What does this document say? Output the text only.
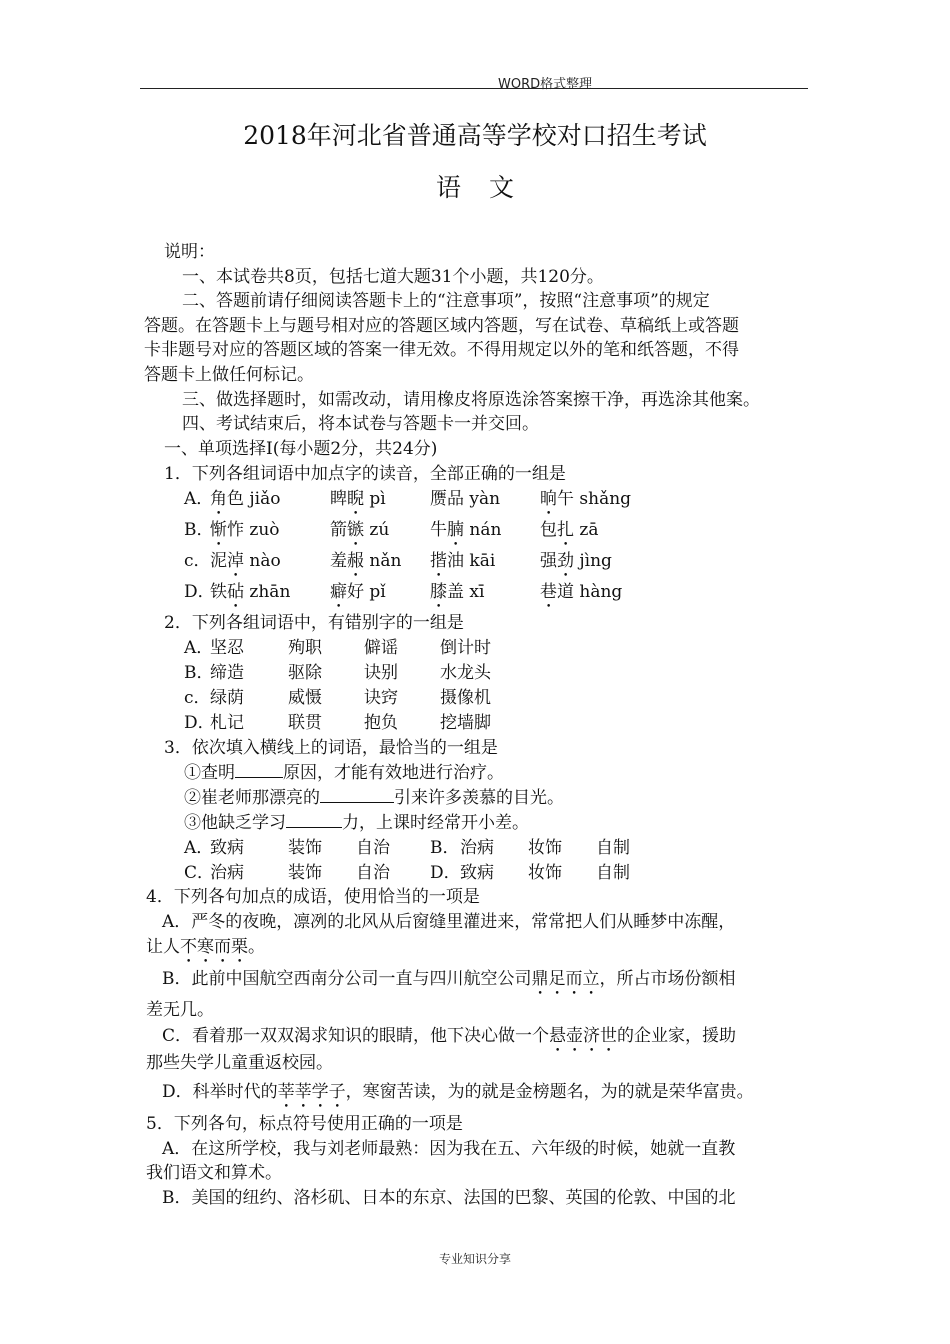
WORD格式整理
2018年河北省普通高等学校对口招生考试
语文
说明：
一、本试卷共8页，包括七道大题31个小题，共120分。
二、答题前请仔细阅读答题卡上的“注意事项”，按照“注意事项”的规定
答题。在答题卡上与题号相对应的答题区域内答题，写在试卷、草稿纸上或答题
卡非题号对应的答题区域的答案一律无效。不得用规定以外的笔和纸答题，不得
答题卡上做任何标记。
三、做选择题时，如需改动，请用橡皮将原选涂答案擦干净，再选涂其他案。
四、考试结束后，将本试卷与答题卡一并交回。
一、单项选择Ⅰ(每小题2分，共24分)
1．下列各组词语中加点字的读音，全部正确的一组是
A．
角色 jiǎo	睥睨 pì	赝品 yàn 晌午 shǎng
B．
惭怍 zuò	箭镞 zú 牛腩 nán 包扎 zā
c． 泥淖 nào	羞赧 nǎn 揩油 kāi	强劲 jìng
D．
铁砧 zhān 癖好 pǐ	膝盖 xī	巷道 hàng
2．下列各组词语中，有错别字的一组是
A．
坚忍	殉职 僻谣 倒计时
B．
缔造	驱除 诀别 水龙头
c． 绿荫	威慑 诀窍 摄像机
D．
札记	联贯 抱负 挖墙脚
3．依次填入横线上的词语，最恰当的一组是
①查明	原因，才能有效地进行治疗。
②崔老师那漂亮的	引来许多羡慕的目光。
③他缺乏学习	力，上课时经常开小差。
A．
致病	装饰 自治 B． 治病 妆饰 自制
C．
治病	装饰 自治 D． 致病 妆饰 自制
4．下列各句加点的成语，使用恰当的一项是
A．严冬的夜晚，凛冽的北风从后窗缝里灌进来，常常把人们从睡梦中冻醒，
让人不寒而栗。
B．此前中国航空西南分公司一直与四川航空公司鼎足而立，所占市场份额相
差无几。
C．看着那一双双渴求知识的眼睛，他下决心做一个悬壶济世的企业家，援助
那些失学儿童重返校园。
D．科举时代的莘莘学子，寒窗苦读，为的就是金榜题名，为的就是荣华富贵。
5．下列各句，标点符号使用正确的一项是
A．在这所学校，我与刘老师最熟：因为我在五、六年级的时候，她就一直教
我们语文和算术。
B．美国的纽约、洛杉矶、日本的东京、法国的巴黎、英国的伦敦、中国的北
专业知识分享
